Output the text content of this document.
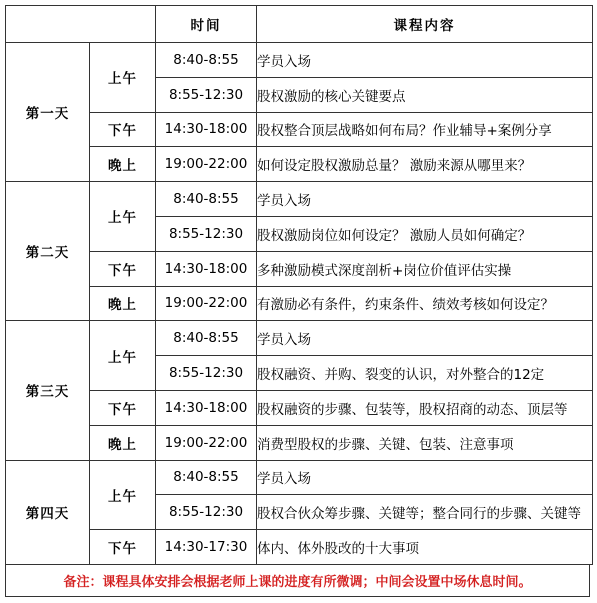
		时间	课程内容
第一天	上午	8:40-8:55	学员入场
		8:55-12:30	股权激励的核心关键要点
	下午	14:30-18:00	股权整合顶层战略如何布局？作业辅导+案例分享
	晚上	19:00-22:00	如何设定股权激励总量？ 激励来源从哪里来？
第二天	上午	8:40-8:55	学员入场
		8:55-12:30	股权激励岗位如何设定？ 激励人员如何确定？
	下午	14:30-18:00	多种激励模式深度剖析+岗位价值评估实操
	晚上	19:00-22:00	有激励必有条件，约束条件、绩效考核如何设定？
第三天	上午	8:40-8:55	学员入场
		8:55-12:30	股权融资、并购、裂变的认识，对外整合的12定
	下午	14:30-18:00	股权融资的步骤、包装等，股权招商的动态、顶层等
	晚上	19:00-22:00	消费型股权的步骤、关键、包装、注意事项
第四天	上午	8:40-8:55	学员入场
		8:55-12:30	股权合伙众筹步骤、关键等；整合同行的步骤、关键等
	下午	14:30-17:30	体内、体外股改的十大事项
备注：课程具体安排会根据老师上课的进度有所微调；中间会设置中场休息时间。
